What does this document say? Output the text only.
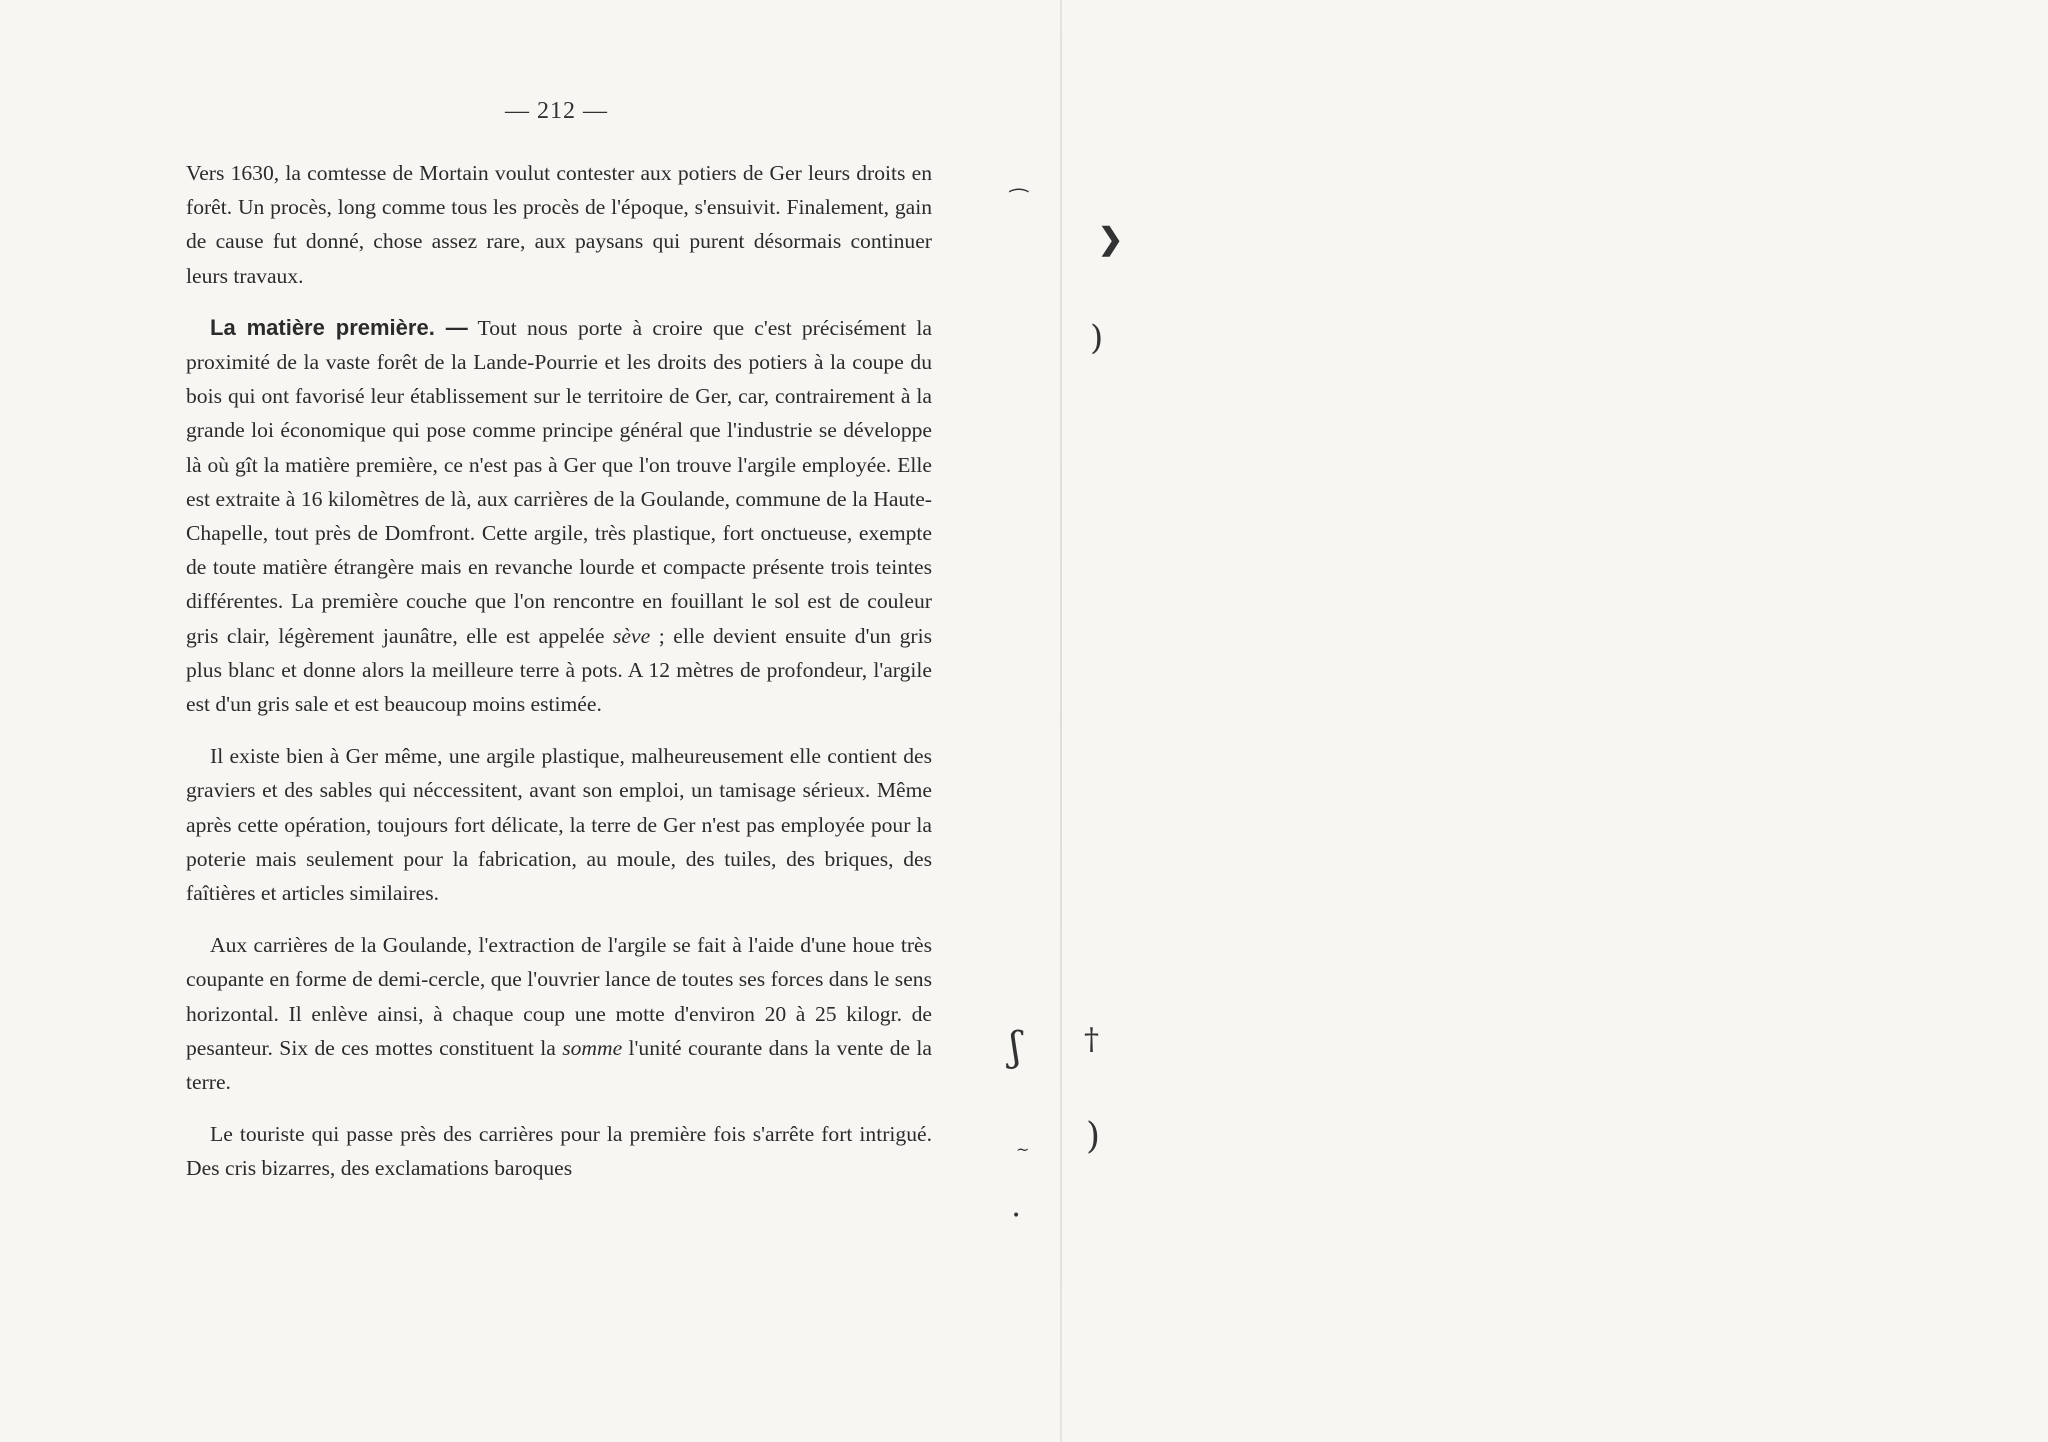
⁀
❯
)
ʃ †
)
~
•
— 212 —

Vers 1630, la comtesse de Mortain voulut contester aux potiers de Ger leurs droits en forêt. Un procès, long comme tous les procès de l'époque, s'ensuivit. Finalement, gain de cause fut donné, chose assez rare, aux paysans qui purent désormais continuer leurs travaux.

La matière première. — Tout nous porte à croire que c'est précisément la proximité de la vaste forêt de la Lande-Pourrie et les droits des potiers à la coupe du bois qui ont favorisé leur établissement sur le territoire de Ger, car, contrairement à la grande loi économique qui pose comme principe général que l'industrie se développe là où gît la matière première, ce n'est pas à Ger que l'on trouve l'argile employée. Elle est extraite à 16 kilomètres de là, aux carrières de la Goulande, commune de la Haute-Chapelle, tout près de Domfront. Cette argile, très plastique, fort onctueuse, exempte de toute matière étrangère mais en revanche lourde et compacte présente trois teintes différentes. La première couche que l'on rencontre en fouillant le sol est de couleur gris clair, légèrement jaunâtre, elle est appelée sève ; elle devient ensuite d'un gris plus blanc et donne alors la meilleure terre à pots. A 12 mètres de profondeur, l'argile est d'un gris sale et est beaucoup moins estimée.

Il existe bien à Ger même, une argile plastique, malheureusement elle contient des graviers et des sables qui néccessitent, avant son emploi, un tamisage sérieux. Même après cette opération, toujours fort délicate, la terre de Ger n'est pas employée pour la poterie mais seulement pour la fabrication, au moule, des tuiles, des briques, des faîtières et articles similaires.

Aux carrières de la Goulande, l'extraction de l'argile se fait à l'aide d'une houe très coupante en forme de demi-cercle, que l'ouvrier lance de toutes ses forces dans le sens horizontal. Il enlève ainsi, à chaque coup une motte d'environ 20 à 25 kilogr. de pesanteur. Six de ces mottes constituent la somme l'unité courante dans la vente de la terre.

Le touriste qui passe près des carrières pour la première fois s'arrête fort intrigué. Des cris bizarres, des exclamations baroques
